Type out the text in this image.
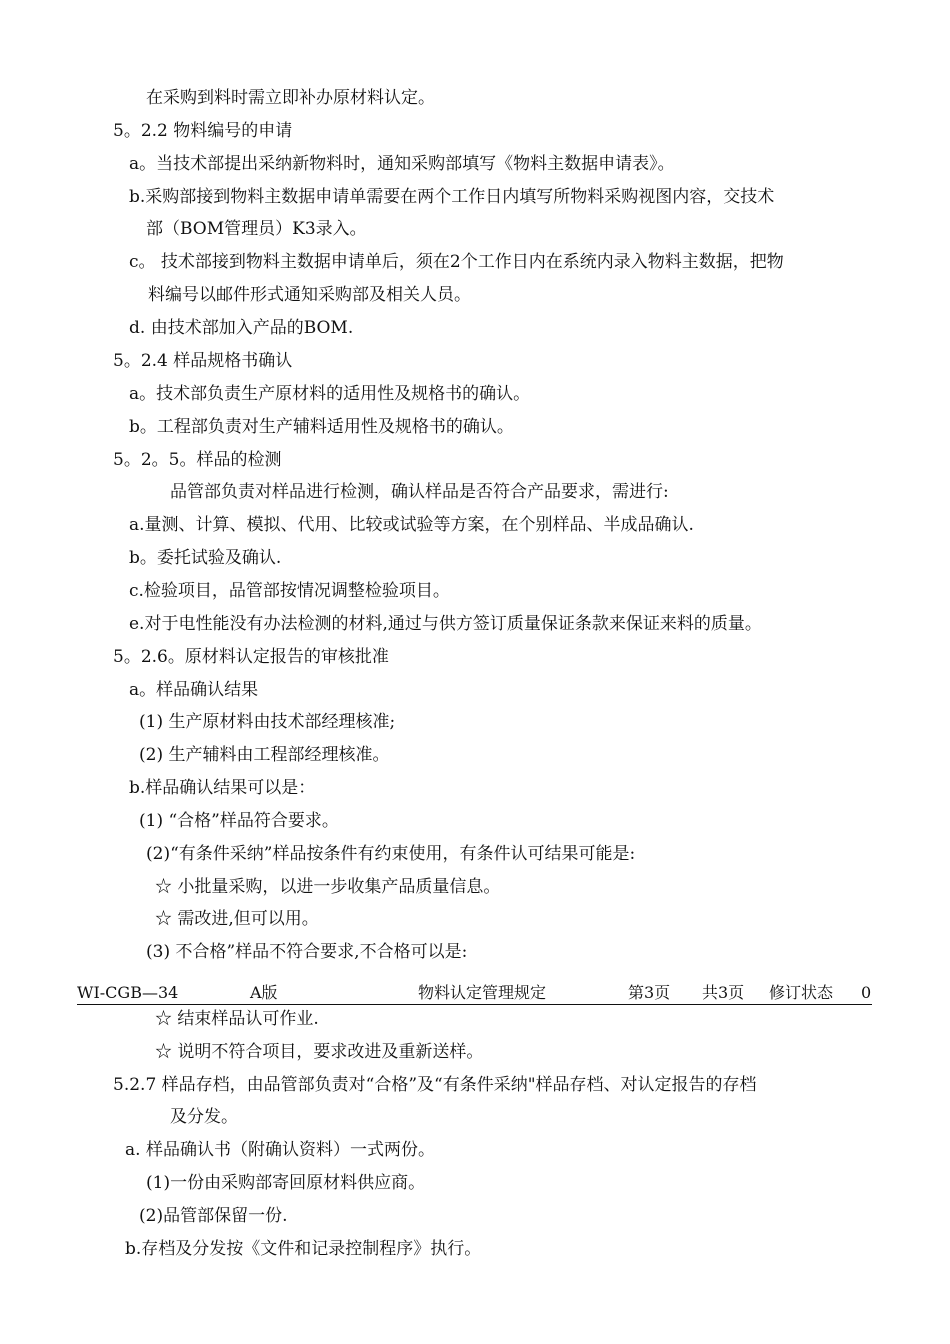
在采购到料时需立即补办原材料认定。
5。2.2 物料编号的申请
a。当技术部提出采纳新物料时，通知采购部填写《物料主数据申请表》。
b.采购部接到物料主数据申请单需要在两个工作日内填写所物料采购视图内容，交技术
部（BOM管理员）K3录入。
c。 技术部接到物料主数据申请单后，须在2个工作日内在系统内录入物料主数据，把物
料编号以邮件形式通知采购部及相关人员。
d. 由技术部加入产品的BOM.
5。2.4 样品规格书确认
a。技术部负责生产原材料的适用性及规格书的确认。
b。工程部负责对生产辅料适用性及规格书的确认。
5。2。5。样品的检测
品管部负责对样品进行检测，确认样品是否符合产品要求，需进行:
a.量测、计算、模拟、代用、比较或试验等方案，在个别样品、半成品确认.
b。委托试验及确认.
c.检验项目，品管部按情况调整检验项目。
e.对于电性能没有办法检测的材料,通过与供方签订质量保证条款来保证来料的质量。
5。2.6。原材料认定报告的审核批准
a。样品确认结果
(1) 生产原材料由技术部经理核准;
(2) 生产辅料由工程部经理核准。
b.样品确认结果可以是：
(1) “合格”样品符合要求。
(2)“有条件采纳”样品按条件有约束使用，有条件认可结果可能是:
☆ 小批量采购，以进一步收集产品质量信息。
☆ 需改进,但可以用。
(3) 不合格”样品不符合要求,不合格可以是:
WI-CGB—34	A版	物料认定管理规定	第3页 共3页 修订状态 0
☆ 结束样品认可作业.
☆ 说明不符合项目，要求改进及重新送样。
5.2.7 样品存档，由品管部负责对“合格”及“有条件采纳"样品存档、对认定报告的存档
及分发。
a. 样品确认书（附确认资料）一式两份。
(1)一份由采购部寄回原材料供应商。
(2)品管部保留一份.
b.存档及分发按《文件和记录控制程序》执行。
